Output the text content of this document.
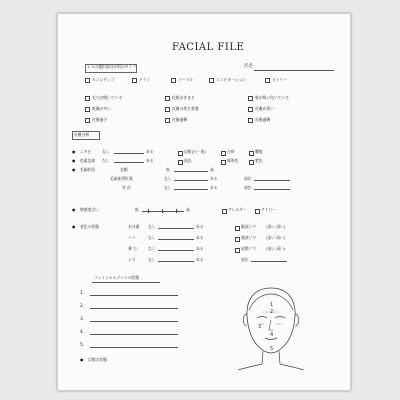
FACIAL FILE
氏名
1 つの選択項目が肌のタイプ
センシティブ	ドライ	ノーマル	コンビネーション	オイリー
毛穴が開いている	化粧がきまる	肌が吸い付いている
乾燥が多い	皮膚の厚さ普通	皮膚が厚い
皮脂過少	皮脂過剰	皮脂過剰
皮膚分析
● ニキビ	なし	ある	岩板(白・黒)	丘疹	膿疱
● 色素沈着 なし	ある	黒色	褐茶色	紫色
● 毛細状況	北側	低	高
毛細血管拡張	なし	ある	部位
死 皮	なし	ある	部位
● 敏感度合い	低	高	アレルギー	アトピー
● 老化の状態	水分量 なし	ある	眼部ジワ	(浅い 深い)
ハリ	なし	ある	額部ジワ	(浅い 深い)
弾 力	なし	ある	眉間ジワ	(浅い 深い)
シワ	なし	ある	部位
フェイシャルゾーンの状態
1.
2.
3.
4.
5.
● 目標の状態
1
2
3
4
5
